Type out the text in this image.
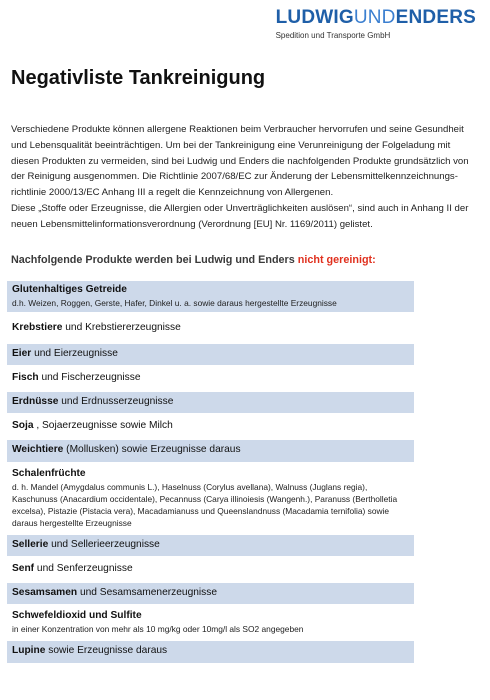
LUDWIGUNDENDERS
Spedition und Transporte GmbH
Negativliste Tankreinigung

Verschiedene Produkte können allergene Reaktionen beim Verbraucher hervorrufen und seine Gesundheit und Lebensqualität beeinträchtigen. Um bei der Tankreinigung eine Verunreinigung der Folgeladung mit diesen Produkten zu vermeiden, sind bei Ludwig und Enders die nachfolgenden Produkte grundsätzlich von der Reinigung ausgenommen. Die Richtlinie 2007/68/EC zur Änderung der Lebensmittelkennzeichnungs-richtlinie 2000/13/EC Anhang III a regelt die Kennzeichnung von Allergenen.

Diese „Stoffe oder Erzeugnisse, die Allergien oder Unverträglichkeiten auslösen“, sind auch in Anhang II der neuen Lebensmittelinformationsverordnung (Verordnung [EU] Nr. 1169/2011) gelistet.

Nachfolgende Produkte werden bei Ludwig und Enders nicht gereinigt:
Glutenhaltiges Getreide
d.h. Weizen, Roggen, Gerste, Hafer, Dinkel u. a. sowie daraus hergestellte Erzeugnisse
Krebstiere und Krebstiererzeugnisse
Eier und Eierzeugnisse
Fisch und Fischerzeugnisse
Erdnüsse und Erdnusserzeugnisse
Soja , Sojaerzeugnisse sowie Milch
Weichtiere (Mollusken) sowie Erzeugnisse daraus
Schalenfrüchte
d. h. Mandel (Amygdalus communis L.), Haselnuss (Corylus avellana), Walnuss (Juglans regia), Kaschunuss (Anacardium occidentale), Pecannuss (Carya illinoiesis (Wangenh.), Paranuss (Bertholletia excelsa), Pistazie (Pistacia vera), Macadamianuss und Queenslandnuss (Macadamia ternifolia) sowie daraus hergestellte Erzeugnisse
Sellerie und Sellerieerzeugnisse
Senf und Senferzeugnisse
Sesamsamen und Sesamsamenerzeugnisse
Schwefeldioxid und Sulfite
in einer Konzentration von mehr als 10 mg/kg oder 10mg/l als SO2 angegeben
Lupine sowie Erzeugnisse daraus
